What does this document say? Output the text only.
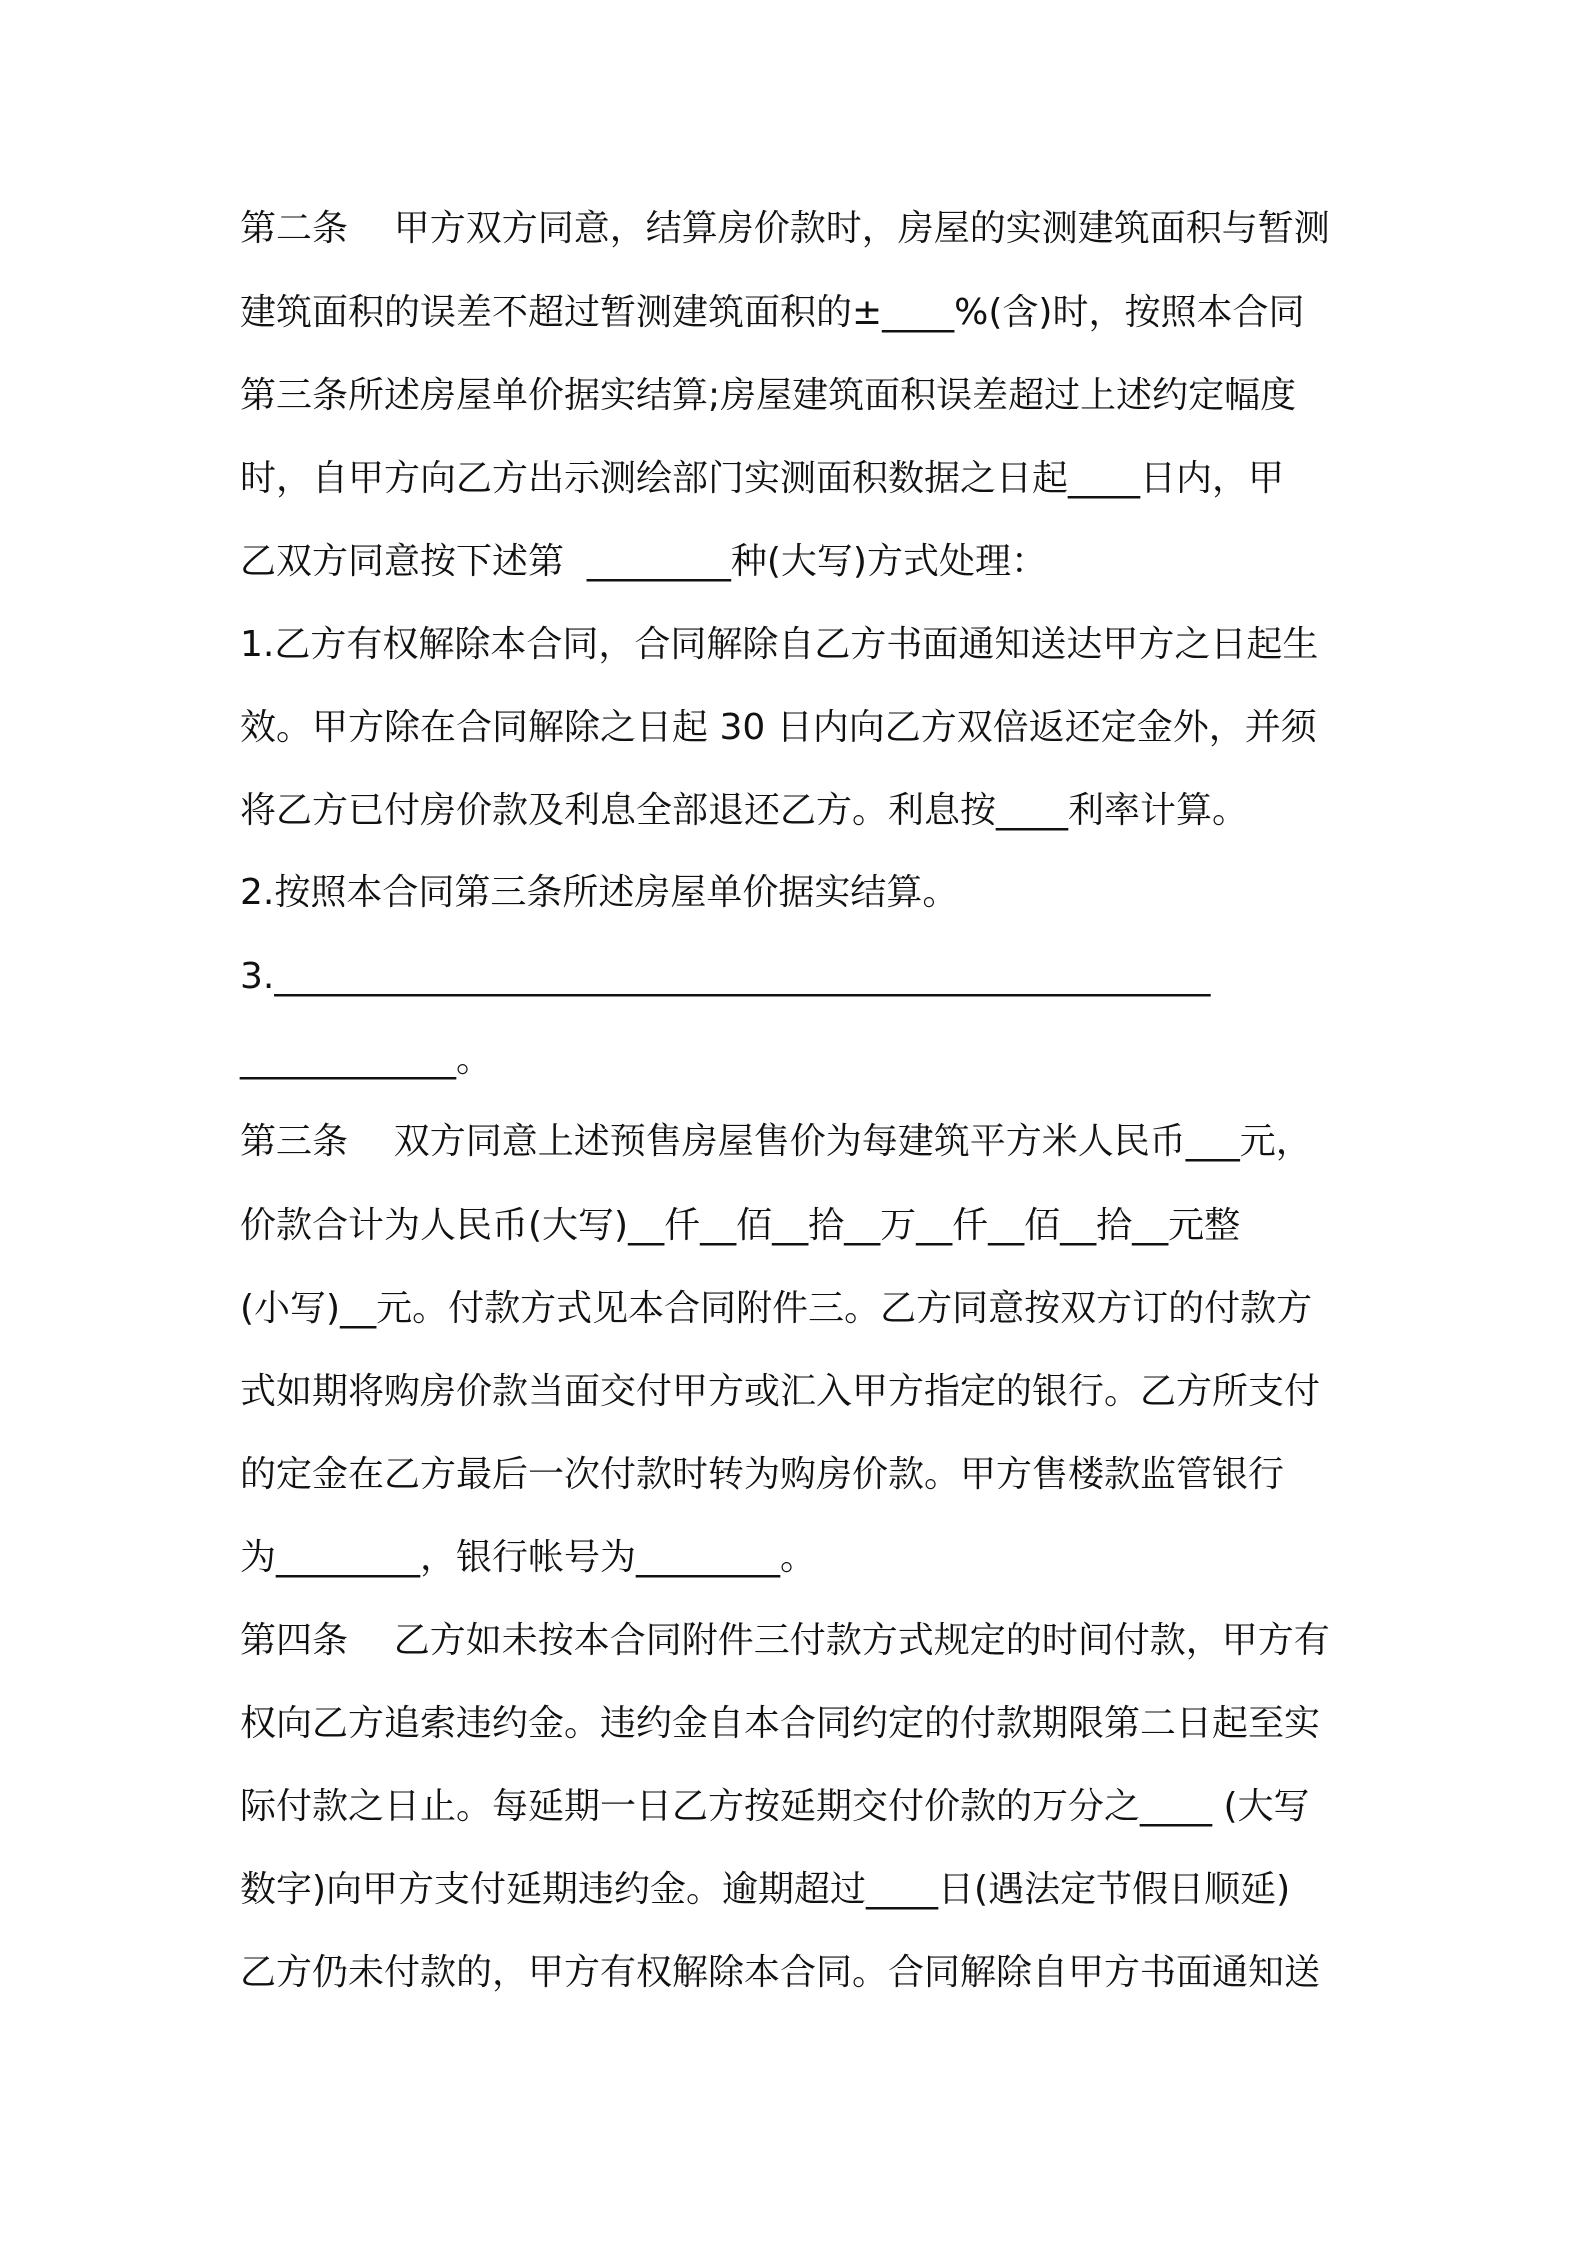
第二条    甲方双方同意，结算房价款时，房屋的实测建筑面积与暂测
建筑面积的误差不超过暂测建筑面积的±____%(含)时，按照本合同
第三条所述房屋单价据实结算;房屋建筑面积误差超过上述约定幅度
时，自甲方向乙方出示测绘部门实测面积数据之日起____日内，甲
乙双方同意按下述第  ________种(大写)方式处理：
1.乙方有权解除本合同，合同解除自乙方书面通知送达甲方之日起生
效。甲方除在合同解除之日起 30 日内向乙方双倍返还定金外，并须
将乙方已付房价款及利息全部退还乙方。利息按____利率计算。
2.按照本合同第三条所述房屋单价据实结算。
3.____________________________________________________
____________。
第三条    双方同意上述预售房屋售价为每建筑平方米人民币___元，
价款合计为人民币(大写)__仟__佰__拾__万__仟__佰__拾__元整
(小写)__元。付款方式见本合同附件三。乙方同意按双方订的付款方
式如期将购房价款当面交付甲方或汇入甲方指定的银行。乙方所支付
的定金在乙方最后一次付款时转为购房价款。甲方售楼款监管银行
为________，银行帐号为________。
第四条    乙方如未按本合同附件三付款方式规定的时间付款，甲方有
权向乙方追索违约金。违约金自本合同约定的付款期限第二日起至实
际付款之日止。每延期一日乙方按延期交付价款的万分之____ (大写
数字)向甲方支付延期违约金。逾期超过____日(遇法定节假日顺延)
乙方仍未付款的，甲方有权解除本合同。合同解除自甲方书面通知送
